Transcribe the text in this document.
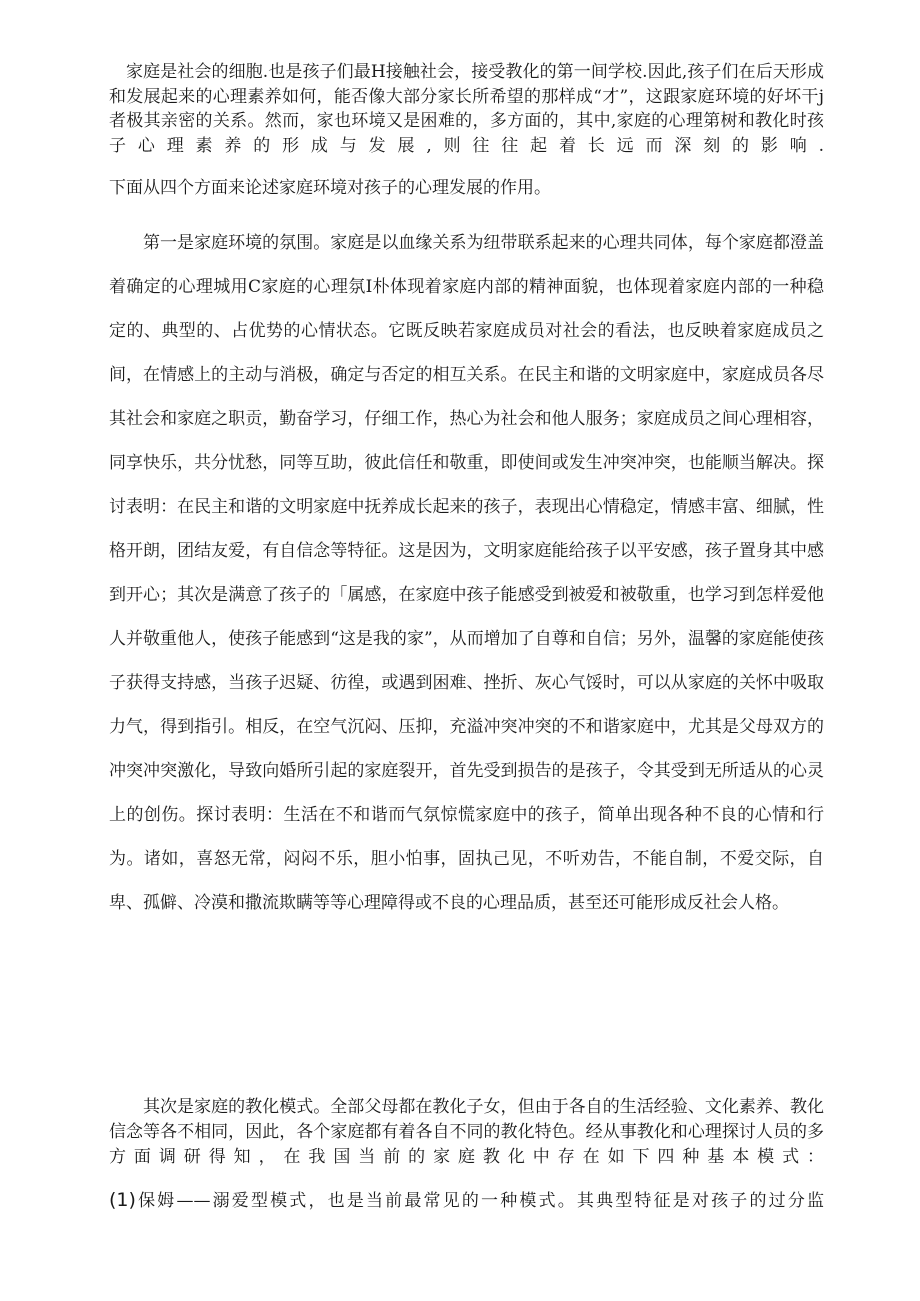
家庭是社会的细胞.也是孩子们最H接触社会，接受教化的第一间学校.因此,孩子们在后天形成和发展起来的心理素养如何，能否像大部分家长所希望的那样成“才”，这跟家庭环境的好坏干j者极其亲密的关系。然而，家也环境又是困难的，多方面的，其中,家庭的心理第树和教化时孩子心理素养的形成与发展,则往往起着长远而深刻的影响.

下面从四个方面来论述家庭环境对孩子的心理发展的作用。

第一是家庭环境的氛围。家庭是以血缘关系为纽带联系起来的心理共同体，每个家庭都澄盖着确定的心理城用C家庭的心理氛I朴体现着家庭内部的精神面貌，也体现着家庭内部的一种稳定的、典型的、占优势的心情状态。它既反映若家庭成员对社会的看法，也反映着家庭成员之间，在情感上的主动与消极，确定与否定的相互关系。在民主和谐的文明家庭中，家庭成员各尽其社会和家庭之职贡，勤奋学习，仔细工作，热心为社会和他人服务；家庭成员之间心理相容，同享快乐，共分忧愁，同等互助，彼此信任和敬重，即使间或发生冲突冲突，也能顺当解决。探讨表明：在民主和谐的文明家庭中抚养成长起来的孩子，表现出心情稳定，情感丰富、细腻，性格开朗，团结友爱，有自信念等特征。这是因为，文明家庭能给孩子以平安感，孩子置身其中感到开心；其次是满意了孩子的「属感，在家庭中孩子能感受到被爱和被敬重，也学习到怎样爱他人并敬重他人，使孩子能感到“这是我的家”，从而增加了自尊和自信；另外，温馨的家庭能使孩子获得支持感，当孩子迟疑、彷徨，或遇到困难、挫折、灰心气馁时，可以从家庭的关怀中吸取力气，得到指引。相反，在空气沉闷、压抑，充溢冲突冲突的不和谐家庭中，尤其是父母双方的冲突冲突激化，导致向婚所引起的家庭裂开，首先受到损告的是孩子，令其受到无所适从的心灵上的创伤。探讨表明：生活在不和谐而气氛惊慌家庭中的孩子，简单出现各种不良的心情和行为。诸如，喜怒无常，闷闷不乐，胆小怕事，固执己见，不听劝告，不能自制，不爱交际，自卑、孤僻、冷漠和撒流欺瞒等等心理障得或不良的心理品质，甚至还可能形成反社会人格。

其次是家庭的教化模式。全部父母都在教化子女，但由于各自的生活经验、文化素养、教化信念等各不相同，因此，各个家庭都有着各自不同的教化特色。经从事教化和心理探讨人员的多方面调研得知，在我国当前的家庭教化中存在如下四种基本模式：

(1)保姆——溺爱型模式，也是当前最常见的一种模式。其典型特征是对孩子的过分监
